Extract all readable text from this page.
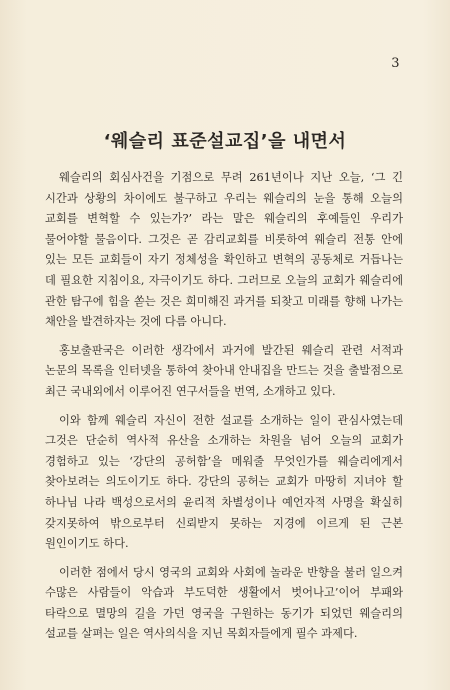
3
‘웨슬리 표준설교집’을 내면서

웨슬리의 회심사건을 기점으로 무려 261년이나 지난 오늘, ‘그 긴 시간과 상황의 차이에도 불구하고 우리는 웨슬리의 눈을 통해 오늘의 교회를 변혁할 수 있는가?’ 라는 말은 웨슬리의 후예들인 우리가 물어야할 물음이다. 그것은 곧 감리교회를 비롯하여 웨슬리 전통 안에 있는 모든 교회들이 자기 정체성을 확인하고 변혁의 공동체로 거듭나는 데 필요한 지침이요, 자극이기도 하다. 그러므로 오늘의 교회가 웨슬리에 관한 탐구에 힘을 쏟는 것은 희미해진 과거를 되찾고 미래를 향해 나가는 채안을 발견하자는 것에 다름 아니다.

홍보출판국은 이러한 생각에서 과거에 발간된 웨슬리 관련 서적과 논문의 목록을 인터넷을 통하여 찾아내 안내집을 만드는 것을 출발점으로 최근 국내외에서 이루어진 연구서들을 번역, 소개하고 있다.

이와 함께 웨슬리 자신이 전한 설교를 소개하는 일이 관심사였는데 그것은 단순히 역사적 유산을 소개하는 차원을 넘어 오늘의 교회가 경험하고 있는 ‘강단의 공허함’을 메워줄 무엇인가를 웨슬리에게서 찾아보려는 의도이기도 하다. 강단의 공허는 교회가 마땅히 지녀야 할 하나님 나라 백성으로서의 윤리적 차별성이나 예언자적 사명을 확실히 갖지못하여 밖으로부터 신뢰받지 못하는 지경에 이르게 된 근본 원인이기도 하다.

이러한 점에서 당시 영국의 교회와 사회에 놀라운 반향을 불러 일으켜 수많은 사람들이 악습과 부도덕한 생활에서 벗어나고’이어 부패와 타락으로 멸망의 길을 가던 영국을 구원하는 동기가 되었던 웨슬리의 설교를 살펴는 일은 역사의식을 지닌 목회자들에게 필수 과제다.
